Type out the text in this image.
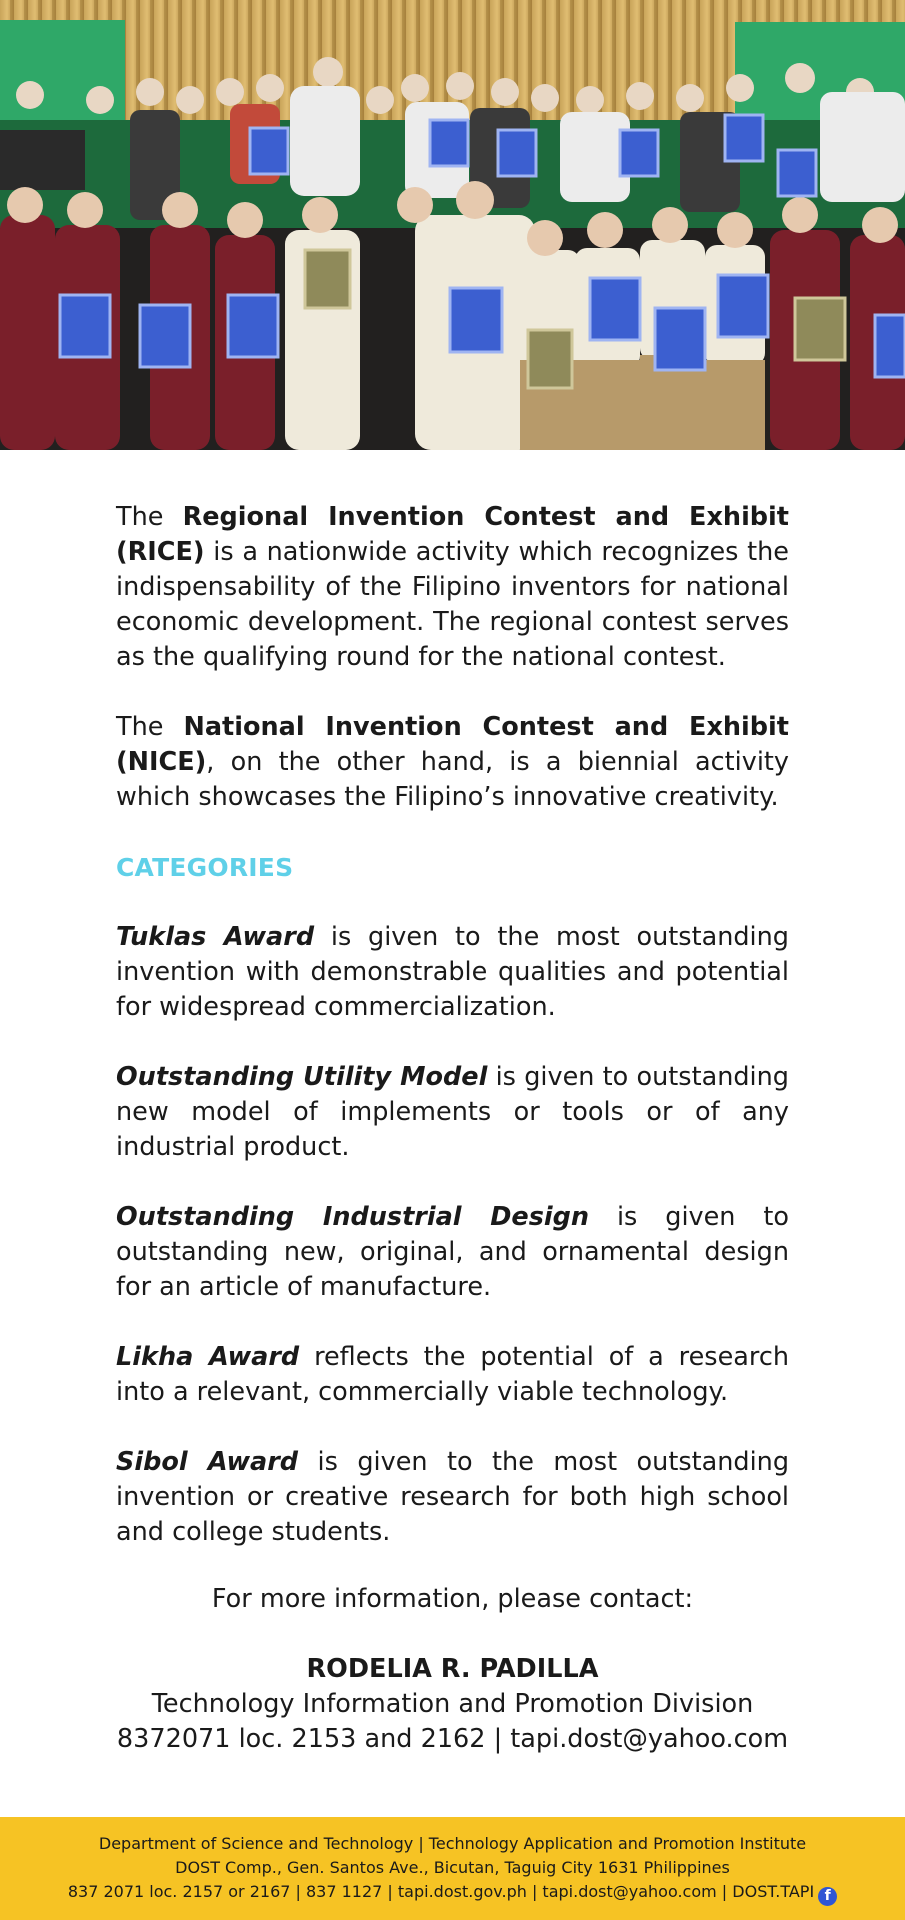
The Regional Invention Contest and Exhibit (RICE) is a nationwide activity which recognizes the indispensability of the Filipino inventors for national economic development. The regional contest serves as the qualifying round for the national contest.

The National Invention Contest and Exhibit (NICE), on the other hand, is a biennial activity which showcases the Filipino’s innovative creativity.

CATEGORIES

Tuklas Award is given to the most outstanding invention with demonstrable qualities and potential for widespread commercialization.

Outstanding Utility Model is given to outstanding new model of implements or tools or of any industrial product.

Outstanding Industrial Design is given to outstanding new, original, and ornamental design for an article of manufacture.

Likha Award reflects the potential of a research into a relevant, commercially viable technology.

Sibol Award is given to the most outstanding invention or creative research for both high school and college students.

For more information, please contact:
RODELIA R. PADILLA
Technology Information and Promotion Division
8372071 loc. 2153 and 2162 | tapi.dost@yahoo.com
Department of Science and Technology | Technology Application and Promotion Institute
DOST Comp., Gen. Santos Ave., Bicutan, Taguig City 1631 Philippines
837 2071 loc. 2157 or 2167 | 837 1127 | tapi.dost.gov.ph | tapi.dost@yahoo.com | DOST.TAPI f
